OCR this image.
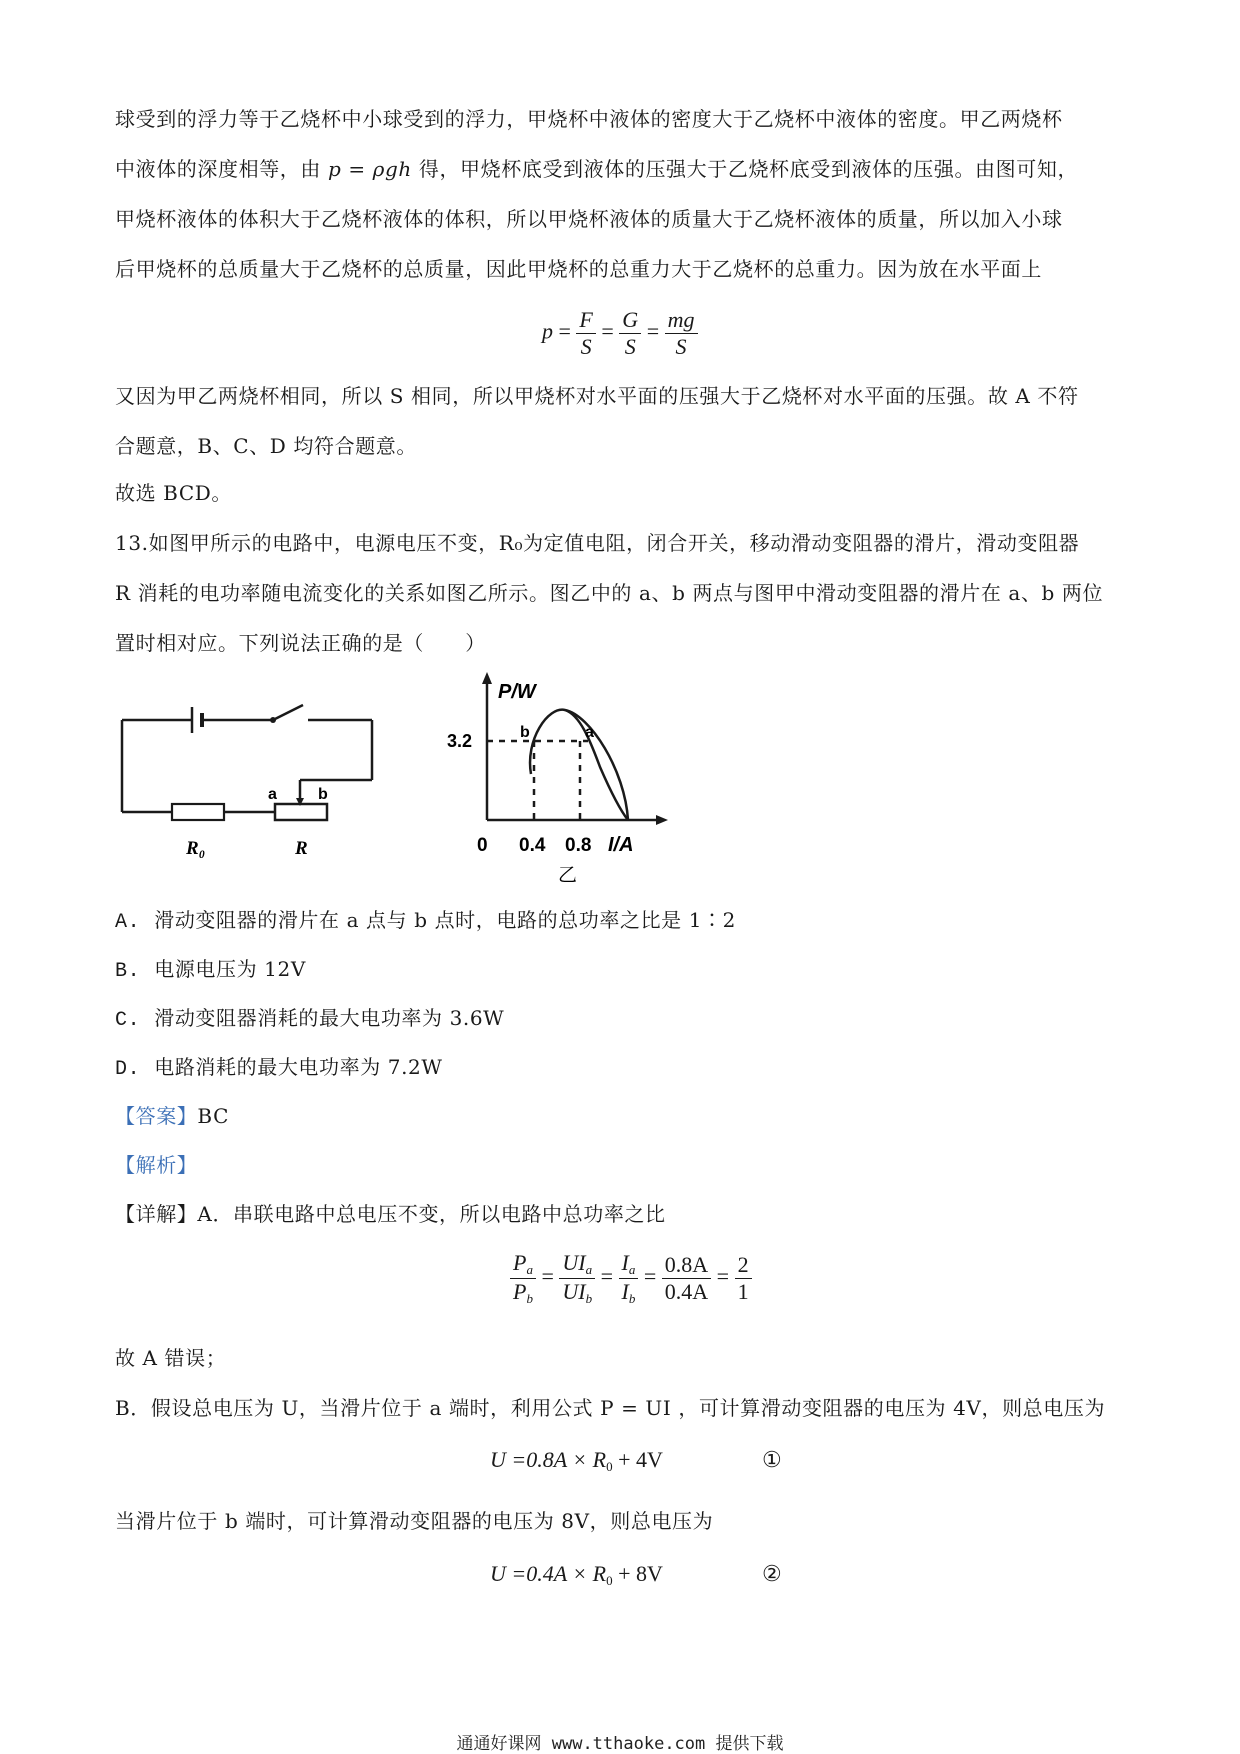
球受到的浮力等于乙烧杯中小球受到的浮力，甲烧杯中液体的密度大于乙烧杯中液体的密度。甲乙两烧杯
中液体的深度相等，由 p = ρgh 得，甲烧杯底受到液体的压强大于乙烧杯底受到液体的压强。由图可知，
甲烧杯液体的体积大于乙烧杯液体的体积，所以甲烧杯液体的质量大于乙烧杯液体的质量，所以加入小球
后甲烧杯的总质量大于乙烧杯的总质量，因此甲烧杯的总重力大于乙烧杯的总重力。因为放在水平面上
$p = \frac{F}{S} = \frac{G}{S} = \frac{mg}{S}$
又因为甲乙两烧杯相同，所以 S 相同，所以甲烧杯对水平面的压强大于乙烧杯对水平面的压强。故 A 不符
合题意，B、C、D 均符合题意。
故选 BCD。
13.如图甲所示的电路中，电源电压不变，R₀为定值电阻，闭合开关，移动滑动变阻器的滑片，滑动变阻器
R 消耗的电功率随电流变化的关系如图乙所示。图乙中的 a、b 两点与图甲中滑动变阻器的滑片在 a、b 两位
置时相对应。下列说法正确的是（　　）
a	b
R₀	R
P/W
3.2	b	a
0 0.4 0.8 I/A
乙
A. 滑动变阻器的滑片在 a 点与 b 点时，电路的总功率之比是 1∶2
B. 电源电压为 12V
C. 滑动变阻器消耗的最大电功率为 3.6W
D. 电路消耗的最大电功率为 7.2W
【答案】BC
【解析】
【详解】A．串联电路中总电压不变，所以电路中总功率之比
$\frac{P_a}{P_b} = \frac{UI_a}{UI_b} = \frac{I_a}{I_b} = \frac{0.8A}{0.4A} = \frac{2}{1}$
故 A 错误；
B．假设总电压为 U，当滑片位于 a 端时，利用公式 P = UI ，可计算滑动变阻器的电压为 4V，则总电压为
U =0.8A × R0 + 4V	①
当滑片位于 b 端时，可计算滑动变阻器的电压为 8V，则总电压为
U =0.4A × R0 + 8V	②
通通好课网 www.tthaoke.com 提供下载
